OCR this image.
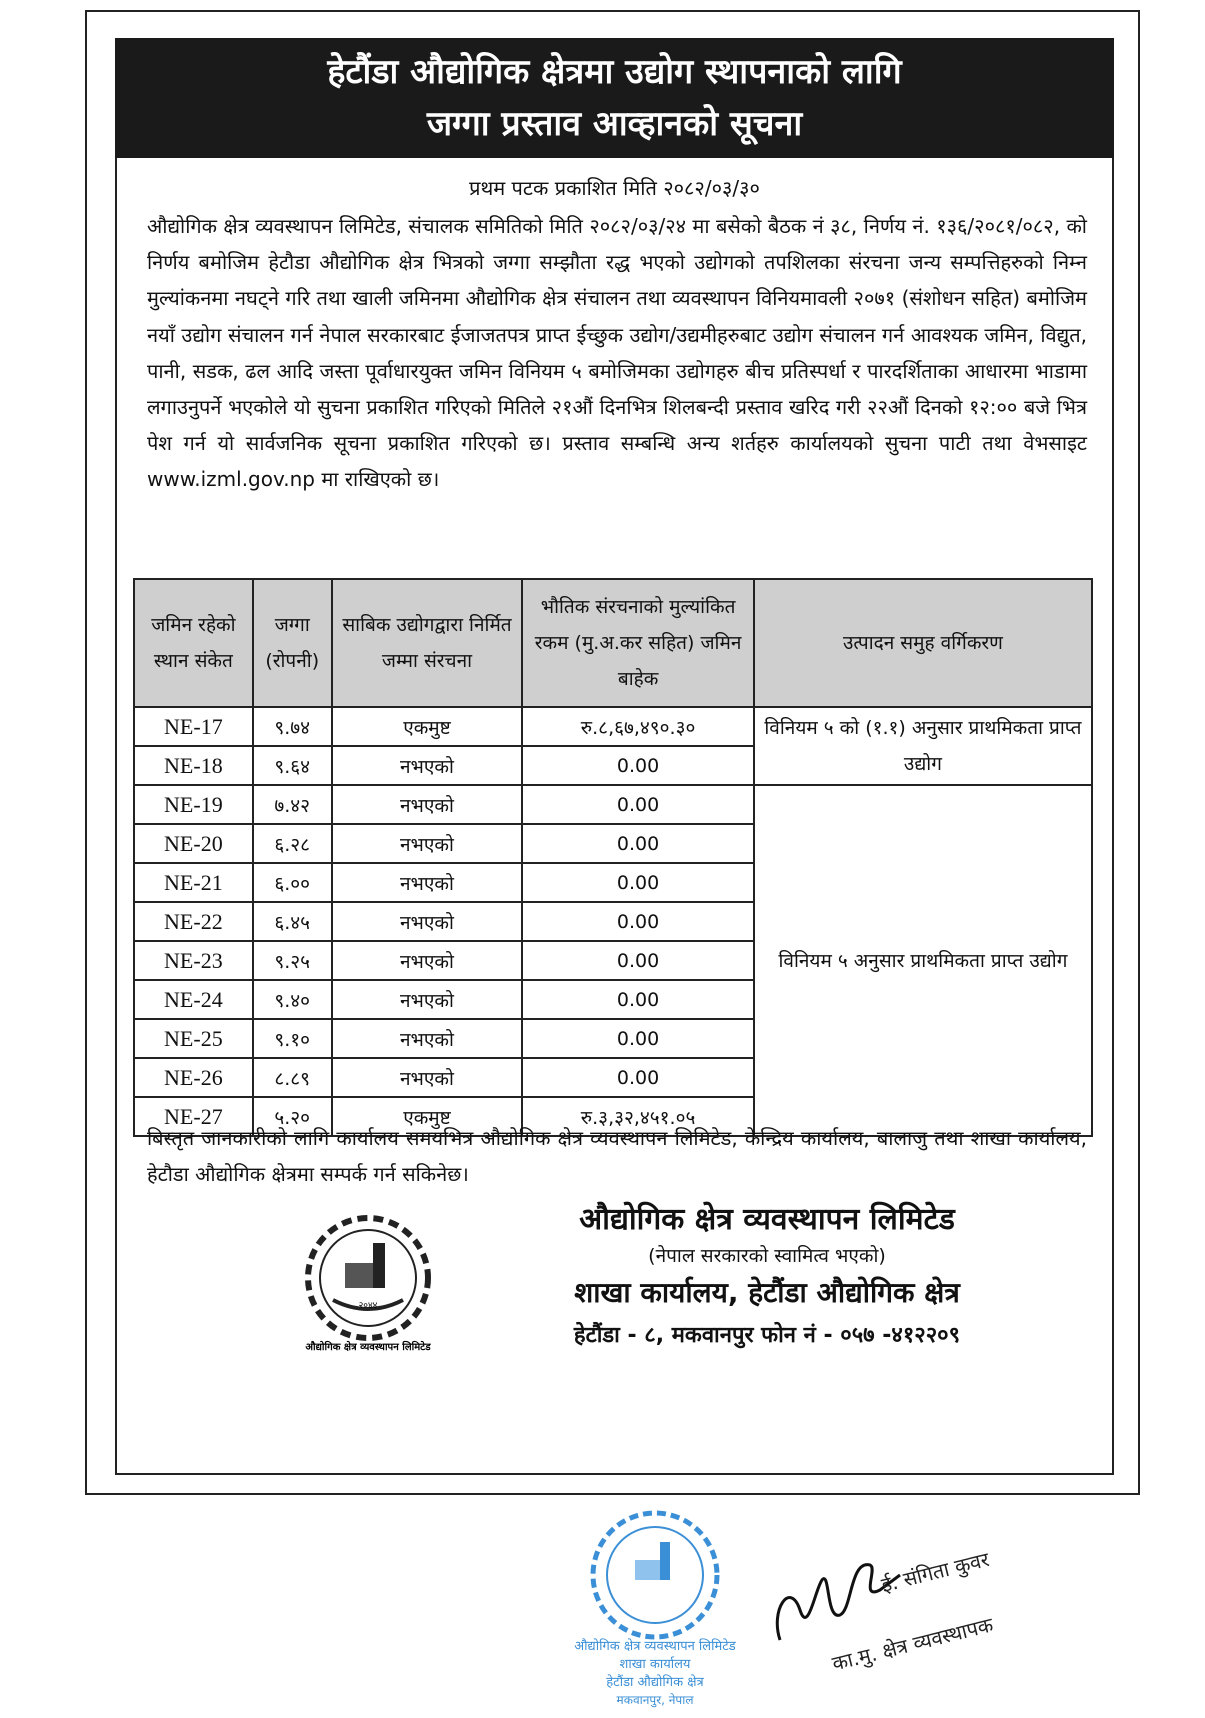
हेटौंडा औद्योगिक क्षेत्रमा उद्योग स्थापनाको लागि
जग्गा प्रस्ताव आव्हानको सूचना
प्रथम पटक प्रकाशित मिति २०८२/०३/३०
औद्योगिक क्षेत्र व्यवस्थापन लिमिटेड, संचालक समितिको मिति २०८२/०३/२४ मा बसेको बैठक नं ३८, निर्णय नं. १३६/२०८१/०८२, को निर्णय बमोजिम हेटौडा औद्योगिक क्षेत्र भित्रको जग्गा सम्झौता रद्ध भएको उद्योगको तपशिलका संरचना जन्य सम्पत्तिहरुको निम्न मुल्यांकनमा नघट्ने गरि तथा खाली जमिनमा औद्योगिक क्षेत्र संचालन तथा व्यवस्थापन विनियमावली २०७१ (संशोधन सहित) बमोजिम नयाँ उद्योग संचालन गर्न नेपाल सरकारबाट ईजाजतपत्र प्राप्त ईच्छुक उद्योग/उद्यमीहरुबाट उद्योग संचालन गर्न आवश्यक जमिन, विद्युत, पानी, सडक, ढल आदि जस्ता पूर्वाधारयुक्त जमिन विनियम ५ बमोजिमका उद्योगहरु बीच प्रतिस्पर्धा र पारदर्शिताका आधारमा भाडामा लगाउनुपर्ने भएकोले यो सुचना प्रकाशित गरिएको मितिले २१औं दिनभित्र शिलबन्दी प्रस्ताव खरिद गरी २२औं दिनको १२:०० बजे भित्र पेश गर्न यो सार्वजनिक सूचना प्रकाशित गरिएको छ। प्रस्ताव सम्बन्धि अन्य शर्तहरु कार्यालयको सुचना पाटी तथा वेभसाइट www.izml.gov.np मा राखिएको छ।
जमिन रहेको स्थान संकेत	जग्गा (रोपनी)	साबिक उद्योगद्वारा निर्मित जम्मा संरचना	भौतिक संरचनाको मुल्यांकित रकम (मु.अ.कर सहित) जमिन बाहेक	उत्पादन समुह वर्गिकरण
NE-17	९.७४	एकमुष्ट	रु.८,६७,४९०.३०	विनियम ५ को (१.१) अनुसार प्राथमिकता प्राप्त उद्योग
NE-18	९.६४	नभएको	0.00	
NE-19	७.४२	नभएको	0.00	विनियम ५ अनुसार प्राथमिकता प्राप्त उद्योग
NE-20	६.२८	नभएको	0.00	
NE-21	६.००	नभएको	0.00	
NE-22	६.४५	नभएको	0.00	
NE-23	९.२५	नभएको	0.00	
NE-24	९.४०	नभएको	0.00	
NE-25	९.१०	नभएको	0.00	
NE-26	८.८९	नभएको	0.00	
NE-27	५.२०	एकमुष्ट	रु.३,३२,४५१.०५	
बिस्तृत जानकारीको लागि कार्यालय समयभित्र औद्योगिक क्षेत्र व्यवस्थापन लिमिटेड, केन्द्रिय कार्यालय, बालाजु तथा शाखा कार्यालय, हेटौडा औद्योगिक क्षेत्रमा सम्पर्क गर्न सकिनेछ।
२०४४
औद्योगिक क्षेत्र व्यवस्थापन लिमिटेड
औद्योगिक क्षेत्र व्यवस्थापन लिमिटेड
(नेपाल सरकारको स्वामित्व भएको)
शाखा कार्यालय, हेटौंडा औद्योगिक क्षेत्र
हेटौंडा - ८, मकवानपुर फोन नं - ०५७ -४१२२०९
औद्योगिक क्षेत्र व्यवस्थापन लिमिटेड
शाखा कार्यालय
हेटौंडा औद्योगिक क्षेत्र
मकवानपुर, नेपाल
ई. संगिता कुवर
का.मु. क्षेत्र व्यवस्थापक
